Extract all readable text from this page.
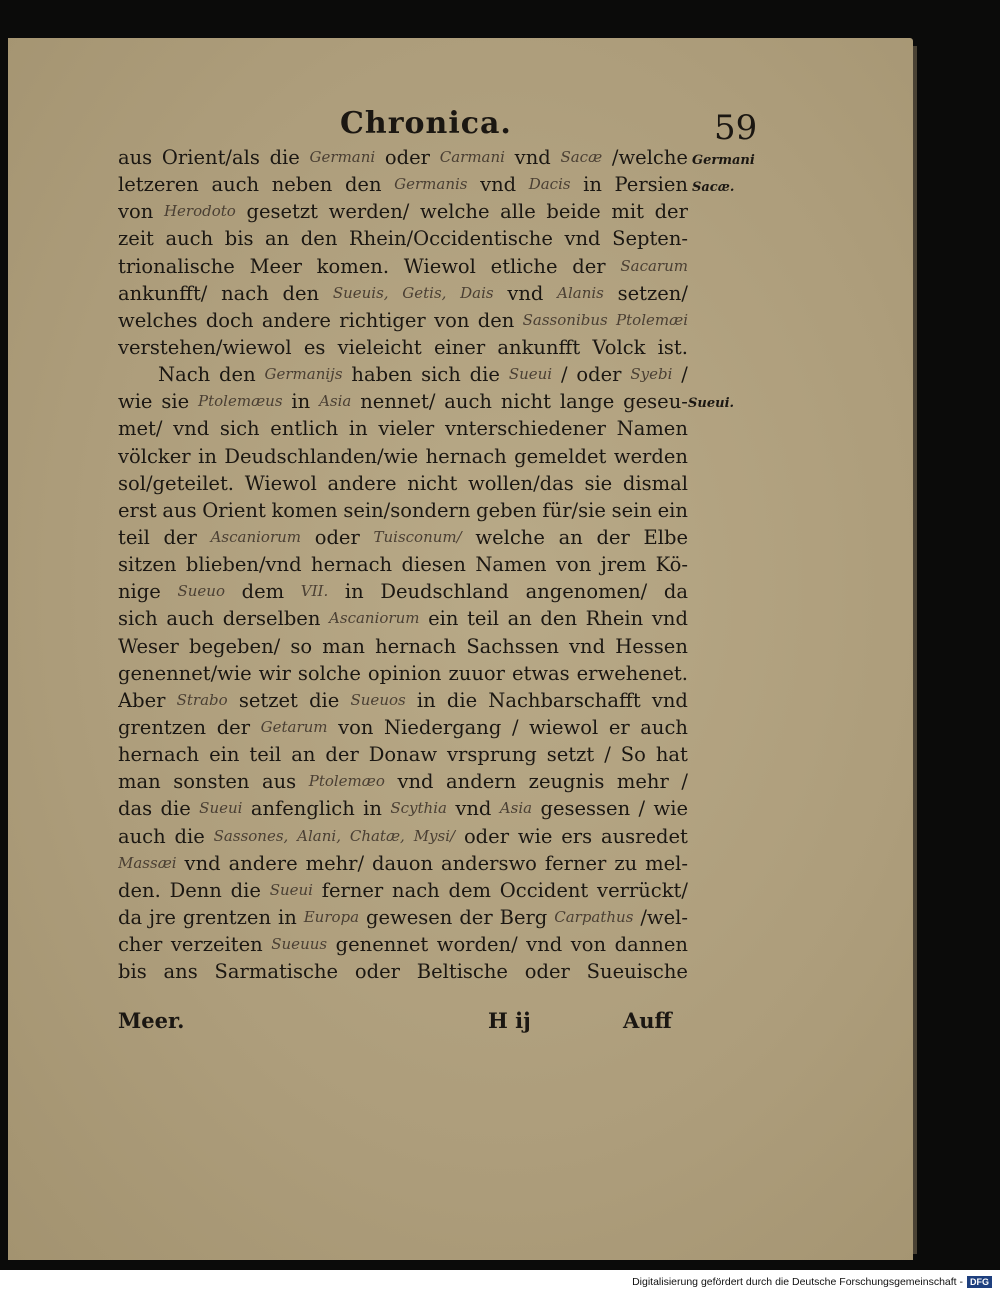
Chronica.	59
aus Orient/als die Germani oder Carmani vnd Sacæ /welche
letzeren auch neben den Germanis vnd Dacis in Persien
von Herodoto gesetzt werden/ welche alle beide mit der
zeit auch bis an den Rhein/Occidentische vnd Septen-
trionalische Meer komen. Wiewol etliche der Sacarum
ankunfft/ nach den Sueuis, Getis, Dais vnd Alanis setzen/
welches doch andere richtiger von den Sassonibus Ptolemæi
verstehen/wiewol es vieleicht einer ankunfft Volck ist.
Nach den Germanijs haben sich die Sueui / oder Syebi /
wie sie Ptolemæus in Asia nennet/ auch nicht lange geseu-
met/ vnd sich entlich in vieler vnterschiedener Namen
völcker in Deudschlanden/wie hernach gemeldet werden
sol/geteilet. Wiewol andere nicht wollen/das sie dismal
erst aus Orient komen sein/sondern geben für/sie sein ein
teil der Ascaniorum oder Tuisconum/ welche an der Elbe
sitzen blieben/vnd hernach diesen Namen von jrem Kö-
nige Sueuo dem VII. in Deudschland angenomen/ da
sich auch derselben Ascaniorum ein teil an den Rhein vnd
Weser begeben/ so man hernach Sachssen vnd Hessen
genennet/wie wir solche opinion zuuor etwas erwehenet.
Aber Strabo setzet die Sueuos in die Nachbarschafft vnd
grentzen der Getarum von Niedergang / wiewol er auch
hernach ein teil an der Donaw vrsprung setzt / So hat
man sonsten aus Ptolemæo vnd andern zeugnis mehr /
das die Sueui anfenglich in Scythia vnd Asia gesessen / wie
auch die Sassones, Alani, Chatæ, Mysi/ oder wie ers ausredet
Massæi vnd andere mehr/ dauon anderswo ferner zu mel-
den. Denn die Sueui ferner nach dem Occident verrückt/
da jre grentzen in Europa gewesen der Berg Carpathus /wel-
cher verzeiten Sueuus genennet worden/ vnd von dannen
bis ans Sarmatische oder Beltische oder Sueuische
Meer.	H ij	Auff
Germani
Sacæ.
Sueui.
Digitalisierung gefördert durch die Deutsche Forschungsgemeinschaft - DFG
